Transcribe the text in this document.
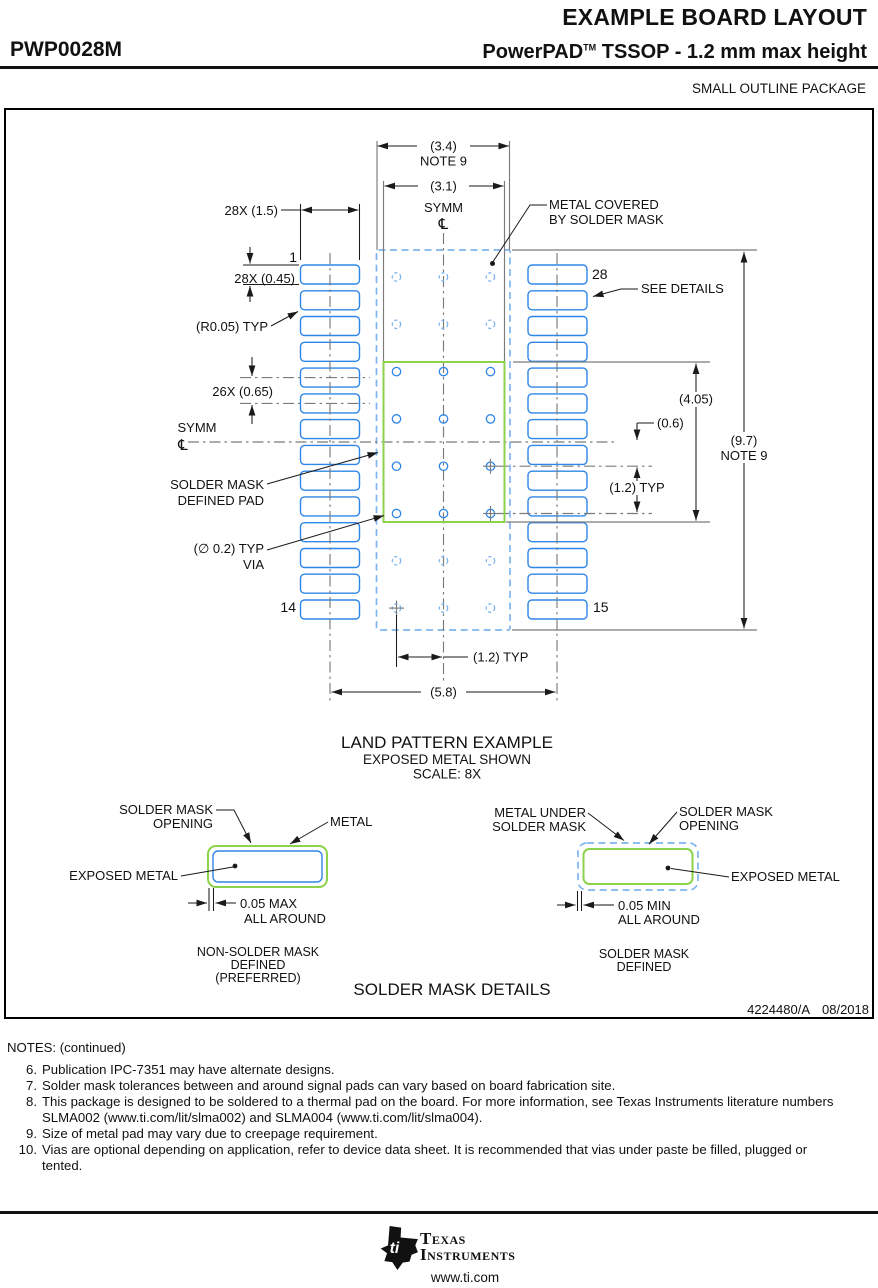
EXAMPLE BOARD LAYOUT
PWP0028M	PowerPAD™ TSSOP - 1.2 mm max height
SMALL OUTLINE PACKAGE
(3.4)
NOTE 9
(3.1)
SYMM
℄
METAL COVERED
BY SOLDER MASK
28X (1.5)
1
28X (0.45)	28
SEE DETAILS
(R0.05) TYP
26X (0.65)
SYMM
℄
SOLDER MASK
DEFINED PAD
(∅ 0.2) TYP
VIA
14	15
(9.7)
NOTE 9
(4.05)
(0.6)
(1.2) TYP
(1.2) TYP
(5.8)
LAND PATTERN EXAMPLE
EXPOSED METAL SHOWN
SCALE: 8X
SOLDER MASK
OPENING	METAL
EXPOSED METAL
0.05 MAX
ALL AROUND
NON-SOLDER MASK
DEFINED
(PREFERRED)
METAL UNDER
SOLDER MASK
SOLDER MASK
OPENING
EXPOSED METAL
0.05 MIN
ALL AROUND
SOLDER MASK
DEFINED
SOLDER MASK DETAILS
4224480/A 08/2018
NOTES: (continued)
6. Publication IPC-7351 may have alternate designs.
7. Solder mask tolerances between and around signal pads can vary based on board fabrication site.
8. This package is designed to be soldered to a thermal pad on the board. For more information, see Texas Instruments literature numbers SLMA002 (www.ti.com/lit/slma002) and SLMA004 (www.ti.com/lit/slma004).
9. Size of metal pad may vary due to creepage requirement.
10. Vias are optional depending on application, refer to device data sheet. It is recommended that vias under paste be filled, plugged or tented.
ti
Texas
Instruments
www.ti.com
